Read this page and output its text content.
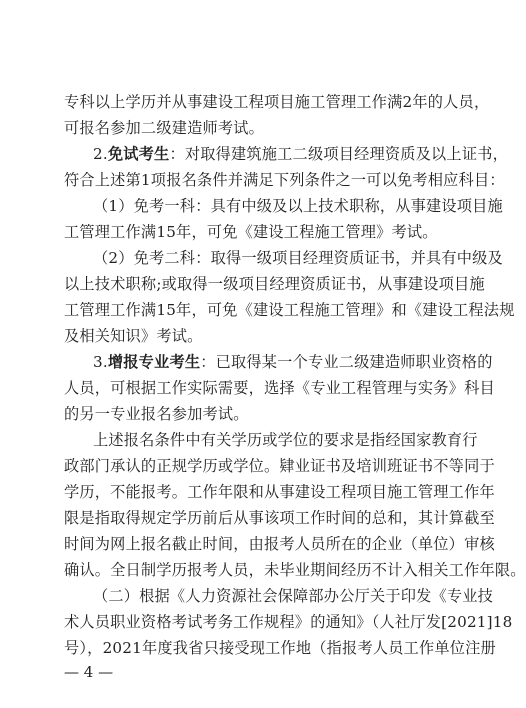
专科以上学历并从事建设工程项目施工管理工作满2年的人员，
可报名参加二级建造师考试。
2.免试考生：对取得建筑施工二级项目经理资质及以上证书，
符合上述第1项报名条件并满足下列条件之一可以免考相应科目：
（1）免考一科：具有中级及以上技术职称，从事建设项目施
工管理工作满15年，可免《建设工程施工管理》考试。
（2）免考二科：取得一级项目经理资质证书，并具有中级及
以上技术职称;或取得一级项目经理资质证书，从事建设项目施
工管理工作满15年，可免《建设工程施工管理》和《建设工程法规
及相关知识》考试。
3.增报专业考生：已取得某一个专业二级建造师职业资格的
人员，可根据工作实际需要，选择《专业工程管理与实务》科目
的另一专业报名参加考试。
上述报名条件中有关学历或学位的要求是指经国家教育行
政部门承认的正规学历或学位。肄业证书及培训班证书不等同于
学历，不能报考。工作年限和从事建设工程项目施工管理工作年
限是指取得规定学历前后从事该项工作时间的总和，其计算截至
时间为网上报名截止时间，由报考人员所在的企业（单位）审核
确认。全日制学历报考人员，未毕业期间经历不计入相关工作年限。
（二）根据《人力资源社会保障部办公厅关于印发《专业技
术人员职业资格考试考务工作规程》的通知》（人社厅发[2021]18
号），2021年度我省只接受现工作地（指报考人员工作单位注册
— 4 —
